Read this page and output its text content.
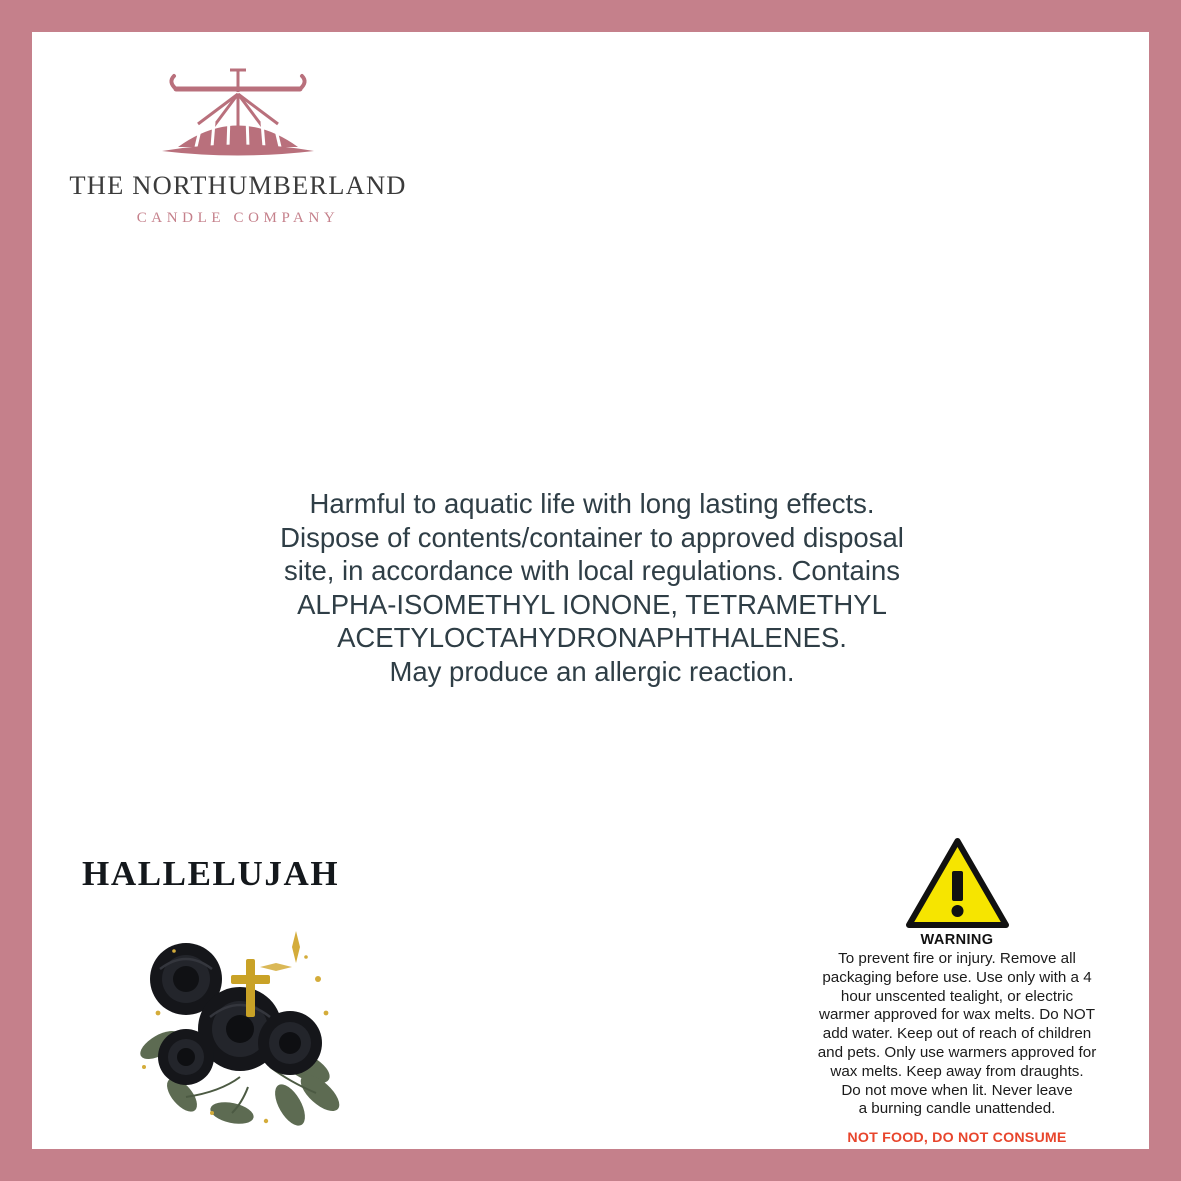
THE NORTHUMBERLAND
CANDLE COMPANY
Harmful to aquatic life with long lasting effects.
Dispose of contents/container to approved disposal
site, in accordance with local regulations. Contains
ALPHA-ISOMETHYL IONONE, TETRAMETHYL
ACETYLOCTAHYDRONAPHTHALENES.
May produce an allergic reaction.
HALLELUJAH
WARNING
To prevent fire or injury. Remove all
packaging before use. Use only with a 4
hour unscented tealight, or electric
warmer approved for wax melts. Do NOT
add water. Keep out of reach of children
and pets. Only use warmers approved for
wax melts. Keep away from draughts.
Do not move when lit. Never leave
a burning candle unattended.
NOT FOOD, DO NOT CONSUME
